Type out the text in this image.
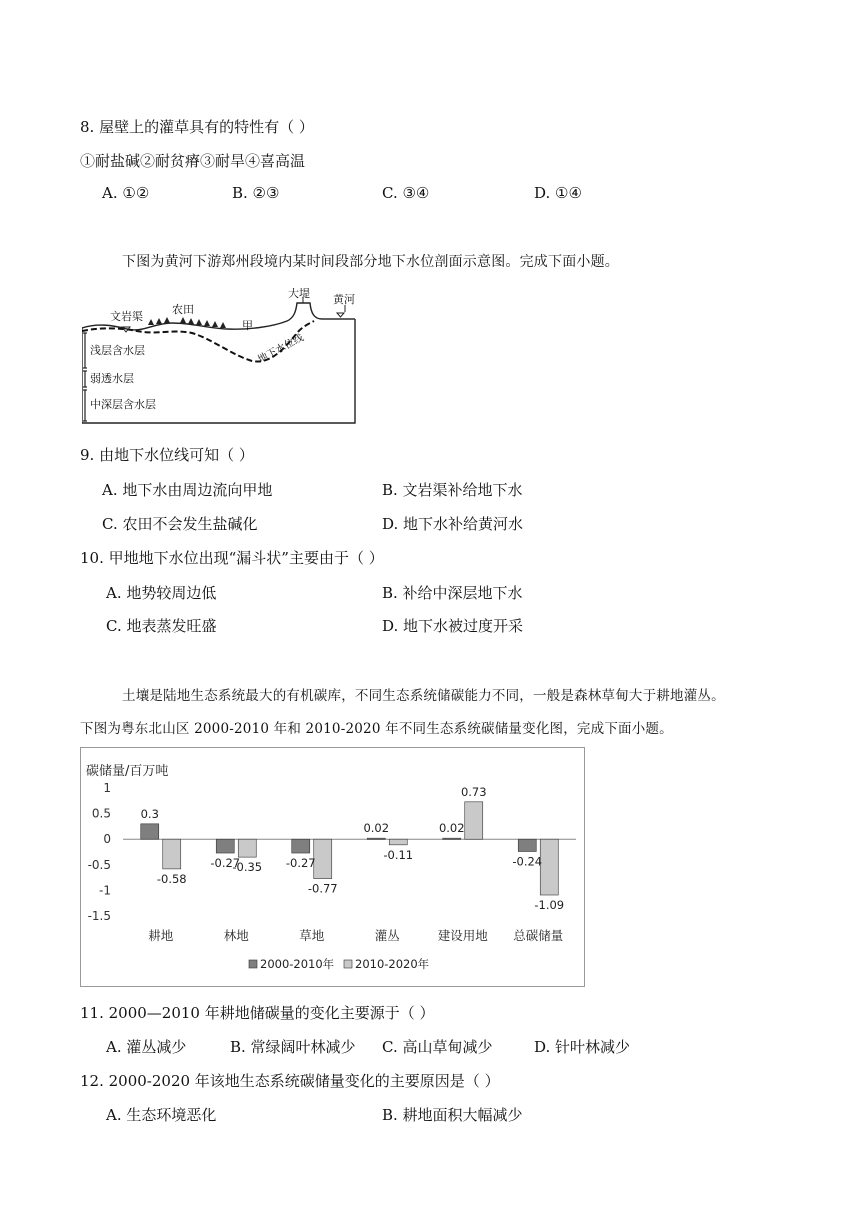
8. 屋壁上的灌草具有的特性有（ ）
①耐盐碱②耐贫瘠③耐旱④喜高温
A. ①②	B. ②③	C. ③④	D. ①④
下图为黄河下游郑州段境内某时间段部分地下水位剖面示意图。完成下面小题。
文岩渠
农田
大堤 黄河
甲
地下水位线
浅层含水层
弱透水层
中深层含水层
9. 由地下水位线可知（ ）
A. 地下水由周边流向甲地	B. 文岩渠补给地下水
C. 农田不会发生盐碱化	D. 地下水补给黄河水
10. 甲地地下水位出现“漏斗状”主要由于（ ）
A. 地势较周边低	B. 补给中深层地下水
C. 地表蒸发旺盛	D. 地下水被过度开采
土壤是陆地生态系统最大的有机碳库，不同生态系统储碳能力不同，一般是森林草甸大于耕地灌丛。
下图为粤东北山区 2000-2010 年和 2010-2020 年不同生态系统碳储量变化图，完成下面小题。
碳储量/百万吨
1
0.5
0
-0.5
-1
-1.5
0.3
-0.58
-0.27
-0.35 -0.27
-0.77
0.02
-0.11
0.02
0.73
-0.24
-1.09
耕地	林地	草地	灌丛	建设用地 总碳储量
2000-2010年 2010-2020年
11. 2000—2010 年耕地储碳量的变化主要源于（ ）
A. 灌丛减少	B. 常绿阔叶林减少 C. 高山草甸减少	D. 针叶林减少
12. 2000-2020 年该地生态系统碳储量变化的主要原因是（ ）
A. 生态环境恶化	B. 耕地面积大幅减少
